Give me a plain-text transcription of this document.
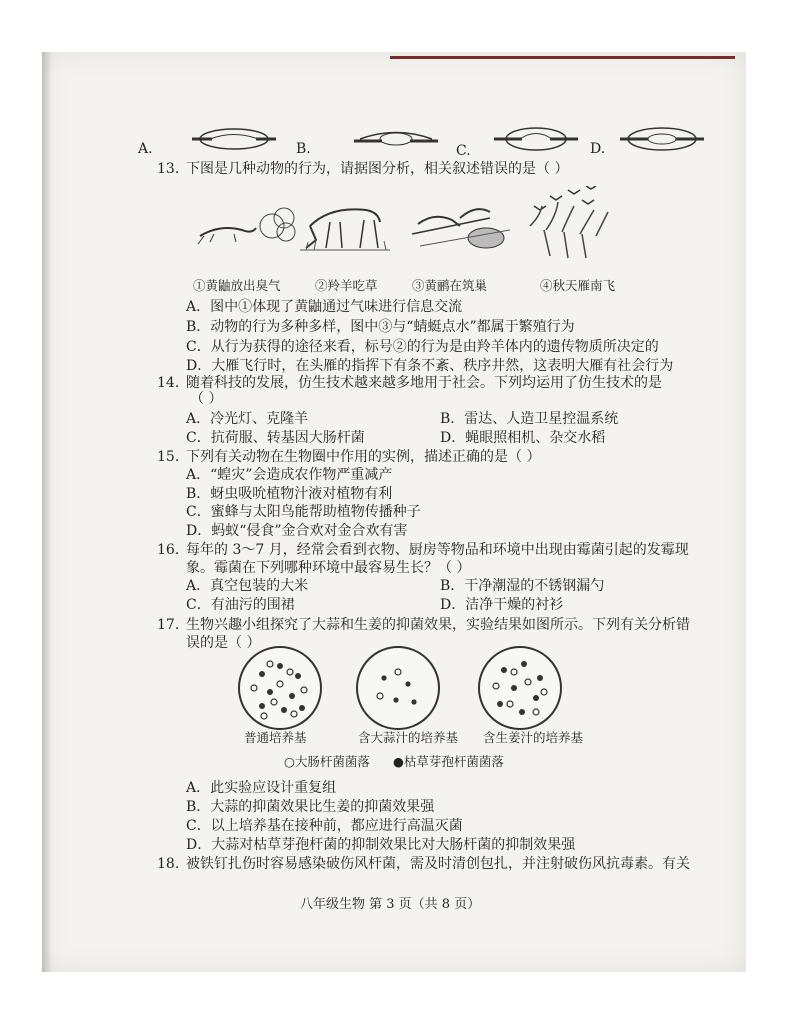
A.	B.	C.	D.
13. 下图是几种动物的行为，请据图分析，相关叙述错误的是（ ）
①黄鼬放出臭气	②羚羊吃草	③黄鹂在筑巢	④秋天雁南飞
A．图中①体现了黄鼬通过气味进行信息交流
B．动物的行为多种多样，图中③与“蜻蜓点水”都属于繁殖行为
C．从行为获得的途径来看，标号②的行为是由羚羊体内的遗传物质所决定的
D．大雁飞行时，在头雁的指挥下有条不紊、秩序井然，这表明大雁有社会行为
14. 随着科技的发展，仿生技术越来越多地用于社会。下列均运用了仿生技术的是
（ ）
A．冷光灯、克隆羊	B．雷达、人造卫星控温系统
C．抗荷服、转基因大肠杆菌	D．蝇眼照相机、杂交水稻
15. 下列有关动物在生物圈中作用的实例，描述正确的是（ ）
A．“蝗灾”会造成农作物严重减产
B．蚜虫吸吮植物汁液对植物有利
C．蜜蜂与太阳鸟能帮助植物传播种子
D．蚂蚁“侵食”金合欢对金合欢有害
16. 每年的 3～7 月，经常会看到衣物、厨房等物品和环境中出现由霉菌引起的发霉现
象。霉菌在下列哪种环境中最容易生长？（ ）
A．真空包装的大米	B．干净潮湿的不锈钢漏勺
C．有油污的围裙	D．洁净干燥的衬衫
17. 生物兴趣小组探究了大蒜和生姜的抑菌效果，实验结果如图所示。下列有关分析错
误的是（ ）
普通培养基	含大蒜汁的培养基 含生姜汁的培养基
○大肠杆菌菌落 ●枯草芽孢杆菌菌落
A．此实验应设计重复组
B．大蒜的抑菌效果比生姜的抑菌效果强
C．以上培养基在接种前，都应进行高温灭菌
D．大蒜对枯草芽孢杆菌的抑制效果比对大肠杆菌的抑制效果强
18. 被铁钉扎伤时容易感染破伤风杆菌，需及时清创包扎，并注射破伤风抗毒素。有关
八年级生物 第 3 页（共 8 页）
